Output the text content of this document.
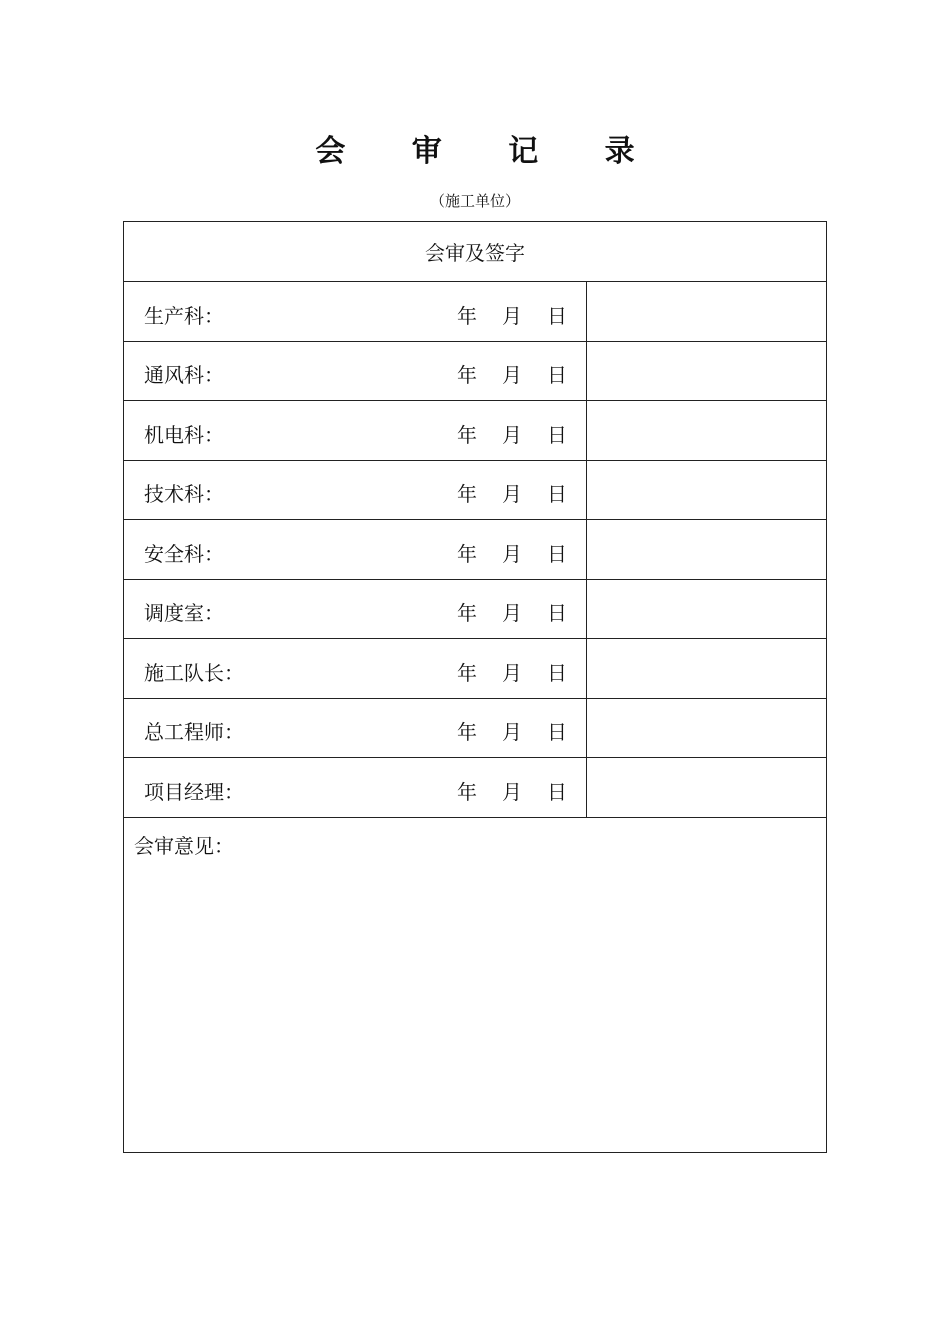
会 审 记 录
（施工单位）
会审及签字
生产科：	年 月 日
通风科：	年 月 日
机电科：	年 月 日
技术科：	年 月 日
安全科：	年 月 日
调度室：	年 月 日
施工队长：	年 月 日
总工程师：	年 月 日
项目经理：	年 月 日
会审意见：
